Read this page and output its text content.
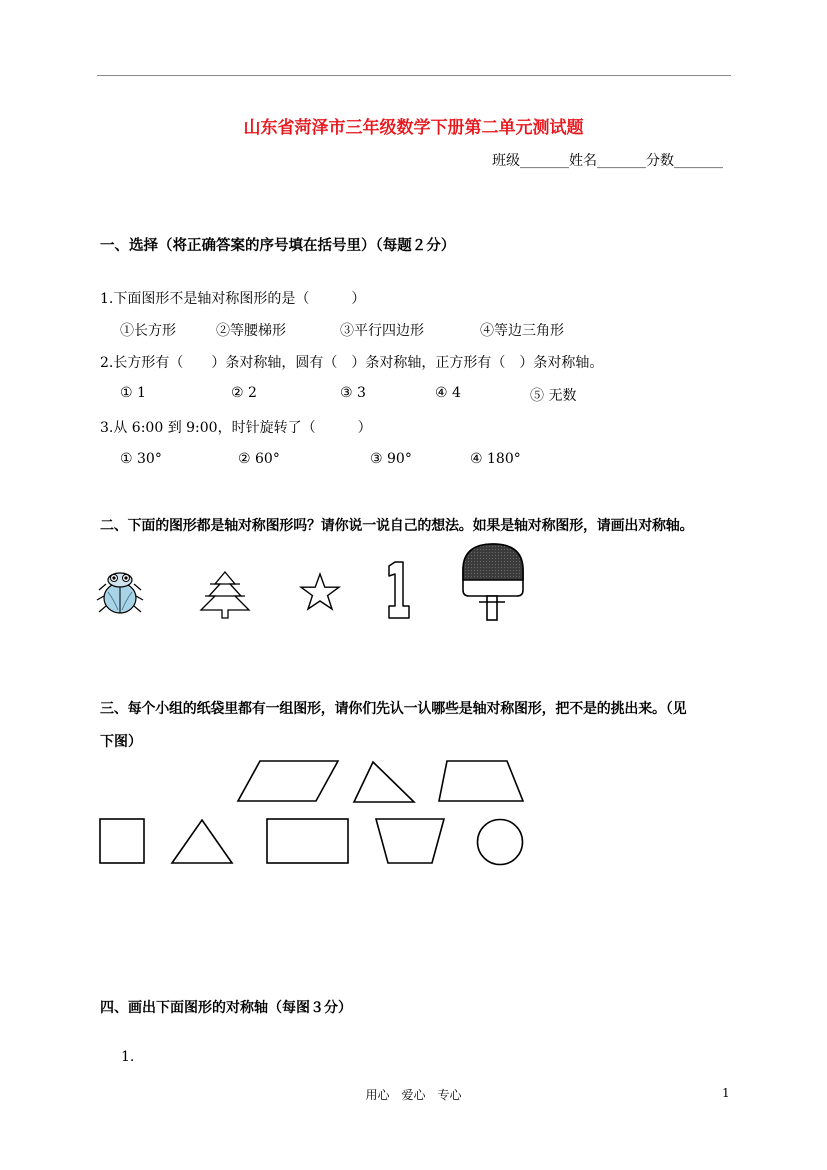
山东省菏泽市三年级数学下册第二单元测试题
班级_______姓名_______分数_______
一、选择（将正确答案的序号填在括号里）（每题２分）
1.下面图形不是轴对称图形的是（　　　）
①长方形	②等腰梯形	③平行四边形	④等边三角形
2.长方形有（　　）条对称轴，圆有（　）条对称轴，正方形有（　）条对称轴。
① 1	② 2	③ 3	④ 4	⑤ 无数
3.从 6:00 到 9:00，时针旋转了（　　　）
① 30°	② 60°	③ 90°	④ 180°
二、下面的图形都是轴对称图形吗？请你说一说自己的想法。如果是轴对称图形，请画出对称轴。
三、每个小组的纸袋里都有一组图形，请你们先认一认哪些是轴对称图形，把不是的挑出来。（见
下图）
四、画出下面图形的对称轴（每图３分）
1.
用心　爱心　专心	1
